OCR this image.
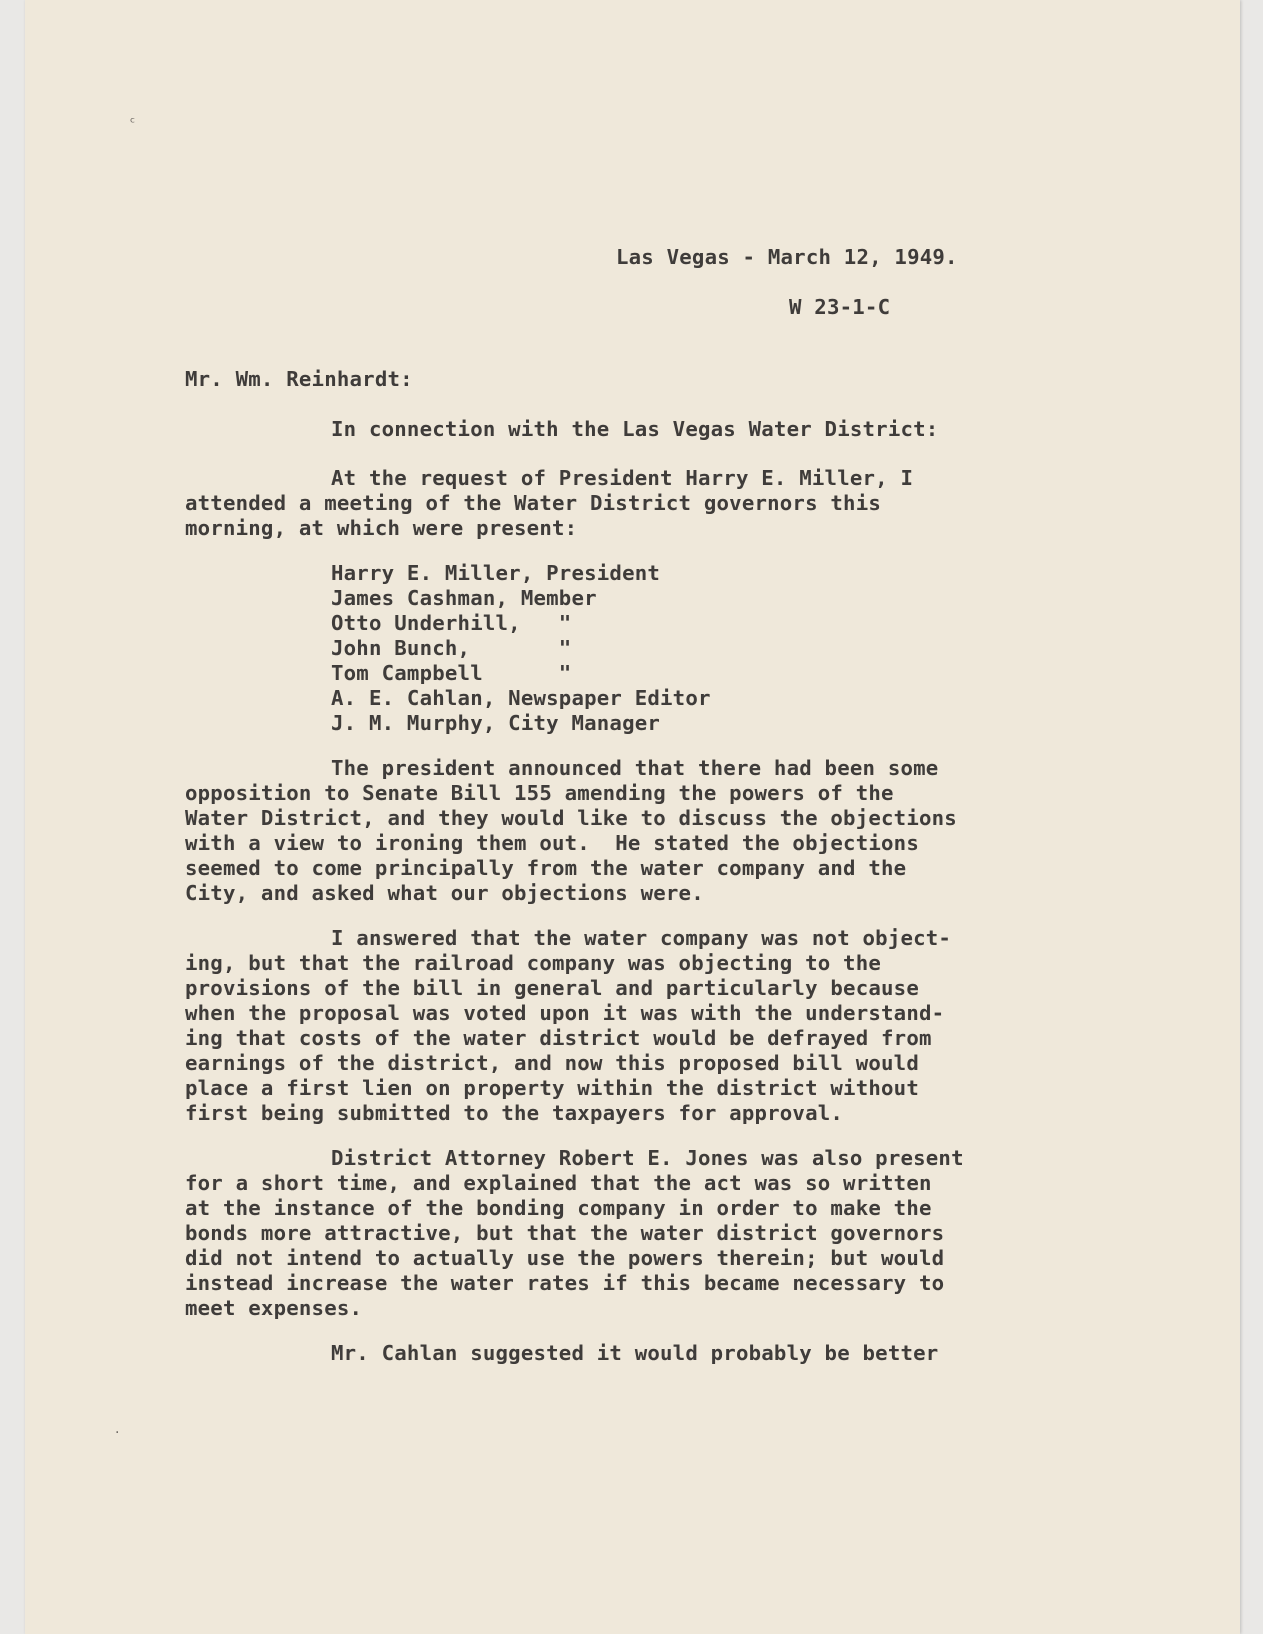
ᶜ
·

Las Vegas - March 12, 1949.

W 23-1-C

Mr. Wm. Reinhardt:

In connection with the Las Vegas Water District:

At the request of President Harry E. Miller, I

attended a meeting of the Water District governors this

morning, at which were present:

Harry E. Miller, President

James Cashman, Member

Otto Underhill,   "

John Bunch,       "

Tom Campbell      "

A. E. Cahlan, Newspaper Editor

J. M. Murphy, City Manager

The president announced that there had been some

opposition to Senate Bill 155 amending the powers of the

Water District, and they would like to discuss the objections

with a view to ironing them out.  He stated the objections

seemed to come principally from the water company and the

City, and asked what our objections were.

I answered that the water company was not object-

ing, but that the railroad company was objecting to the

provisions of the bill in general and particularly because

when the proposal was voted upon it was with the understand-

ing that costs of the water district would be defrayed from

earnings of the district, and now this proposed bill would

place a first lien on property within the district without

first being submitted to the taxpayers for approval.

District Attorney Robert E. Jones was also present

for a short time, and explained that the act was so written

at the instance of the bonding company in order to make the

bonds more attractive, but that the water district governors

did not intend to actually use the powers therein; but would

instead increase the water rates if this became necessary to

meet expenses.

Mr. Cahlan suggested it would probably be better
